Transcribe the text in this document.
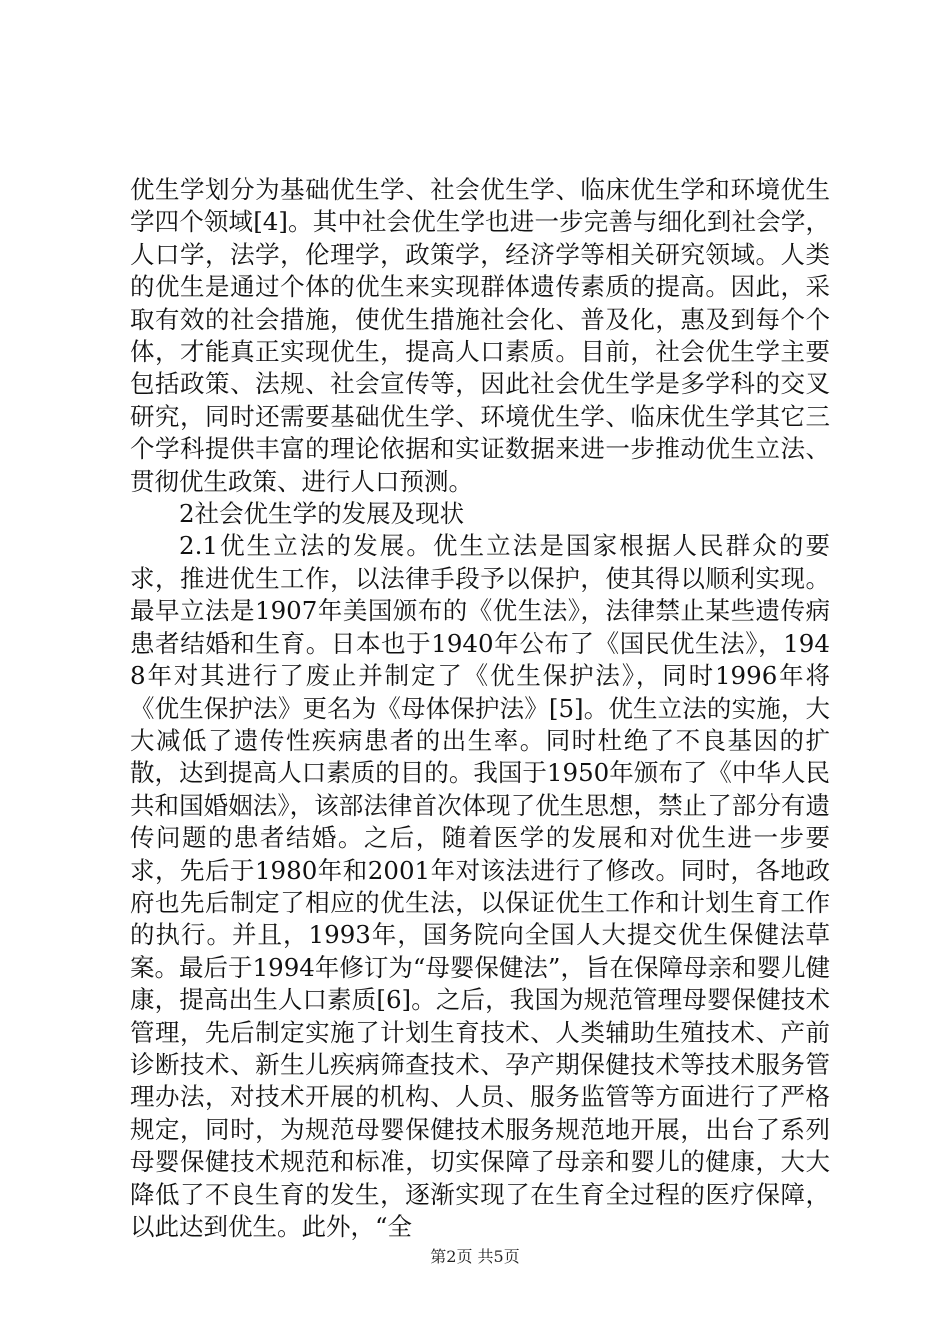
优生学划分为基础优生学、社会优生学、临床优生学和环境优生学四个领域[4]。其中社会优生学也进一步完善与细化到社会学，人口学，法学，伦理学，政策学，经济学等相关研究领域。人类的优生是通过个体的优生来实现群体遗传素质的提高。因此，采取有效的社会措施，使优生措施社会化、普及化，惠及到每个个体，才能真正实现优生，提高人口素质。目前，社会优生学主要包括政策、法规、社会宣传等，因此社会优生学是多学科的交叉研究，同时还需要基础优生学、环境优生学、临床优生学其它三个学科提供丰富的理论依据和实证数据来进一步推动优生立法、贯彻优生政策、进行人口预测。

2社会优生学的发展及现状

2.1优生立法的发展。优生立法是国家根据人民群众的要求，推进优生工作，以法律手段予以保护，使其得以顺利实现。最早立法是1907年美国颁布的《优生法》，法律禁止某些遗传病患者结婚和生育。日本也于1940年公布了《国民优生法》，1948年对其进行了废止并制定了《优生保护法》，同时1996年将《优生保护法》更名为《母体保护法》[5]。优生立法的实施，大大减低了遗传性疾病患者的出生率。同时杜绝了不良基因的扩散，达到提高人口素质的目的。我国于1950年颁布了《中华人民共和国婚姻法》，该部法律首次体现了优生思想，禁止了部分有遗传问题的患者结婚。之后，随着医学的发展和对优生进一步要求，先后于1980年和2001年对该法进行了修改。同时，各地政府也先后制定了相应的优生法，以保证优生工作和计划生育工作的执行。并且，1993年，国务院向全国人大提交优生保健法草案。最后于1994年修订为“母婴保健法”，旨在保障母亲和婴儿健康，提高出生人口素质[6]。之后，我国为规范管理母婴保健技术管理，先后制定实施了计划生育技术、人类辅助生殖技术、产前诊断技术、新生儿疾病筛查技术、孕产期保健技术等技术服务管理办法，对技术开展的机构、人员、服务监管等方面进行了严格规定，同时，为规范母婴保健技术服务规范地开展，出台了系列母婴保健技术规范和标准，切实保障了母亲和婴儿的健康，大大降低了不良生育的发生，逐渐实现了在生育全过程的医疗保障，以此达到优生。此外，“全

第2页 共5页
